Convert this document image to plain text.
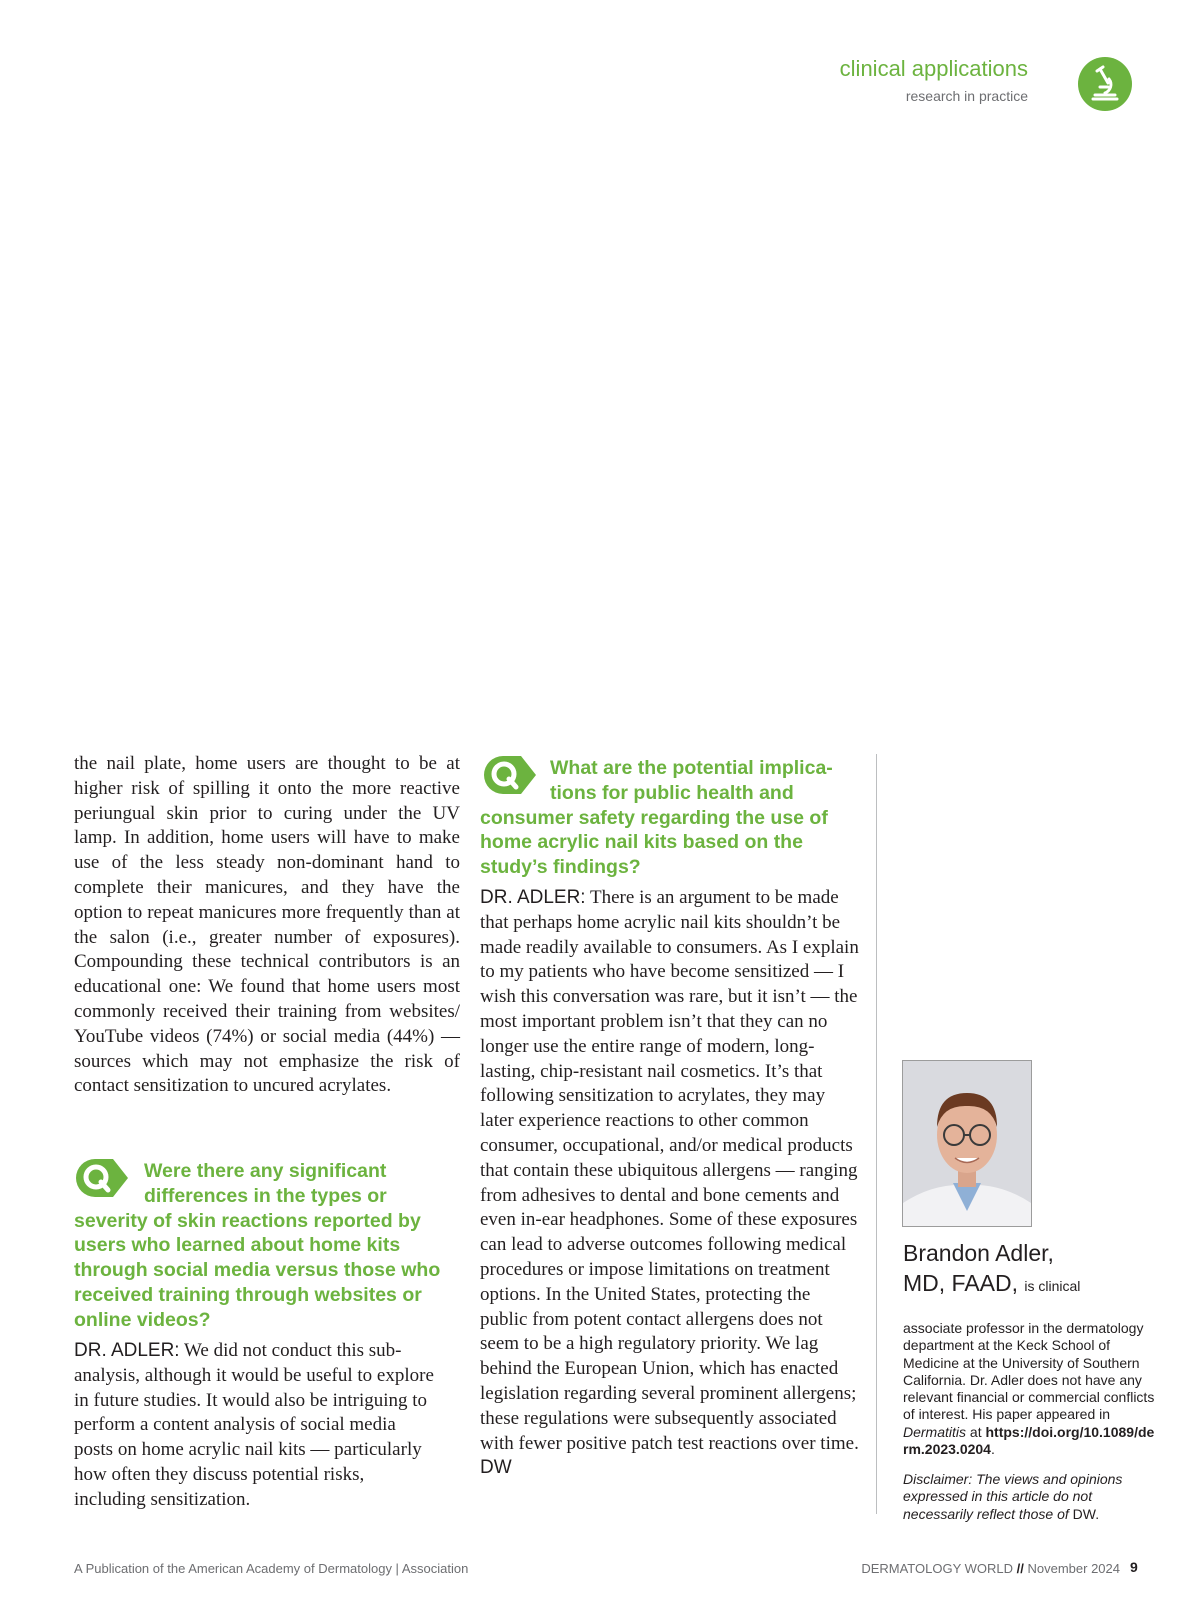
clinical applications
research in practice

the nail plate, home users are thought to be at higher risk of spilling it onto the more reactive periungual skin prior to curing under the UV lamp. In addition, home users will have to make use of the less steady non-dominant hand to complete their manicures, and they have the option to repeat manicures more frequently than at the salon (i.e., greater number of exposures). Compounding these technical contributors is an educational one: We found that home users most commonly received their training from websites/ YouTube videos (74%) or social media (44%) — sources which may not emphasize the risk of contact sensitization to uncured acrylates.

Were there any significant
differences in the types or
severity of skin reactions reported by users who learned about home kits through social media versus those who received training through websites or online videos?

DR. ADLER: We did not conduct this sub-analysis, although it would be useful to explore in future studies. It would also be intriguing to perform a content analysis of social media posts on home acrylic nail kits — particularly how often they discuss potential risks, including sensitization.

What are the potential implica-
tions for public health and
consumer safety regarding the use of home acrylic nail kits based on the study’s findings?

DR. ADLER: There is an argument to be made that perhaps home acrylic nail kits shouldn’t be made readily available to consumers. As I explain to my patients who have become sensitized — I wish this conversation was rare, but it isn’t — the most important problem isn’t that they can no longer use the entire range of modern, long-lasting, chip-resistant nail cosmetics. It’s that following sensitization to acrylates, they may later experience reactions to other common consumer, occupational, and/or medical products that contain these ubiquitous allergens — ranging from adhesives to dental and bone cements and even in-ear headphones. Some of these exposures can lead to adverse outcomes following medical procedures or impose limitations on treatment options. In the United States, protecting the public from potent contact allergens does not seem to be a high regulatory priority. We lag behind the European Union, which has enacted legislation regarding several prominent allergens; these regulations were subsequently associated with fewer positive patch test reactions over time. DW

Brandon Adler,
MD, FAAD, is clinical
associate professor in the dermatology department at the Keck School of Medicine at the University of Southern California. Dr. Adler does not have any relevant financial or commercial conflicts of interest. His paper appeared in Dermatitis at https://doi.org/10.1089/derm.2023.0204.
Disclaimer: The views and opinions expressed in this article do not necessarily reflect those of DW.
A Publication of the American Academy of Dermatology | Association	DERMATOLOGY WORLD // November 2024 9
